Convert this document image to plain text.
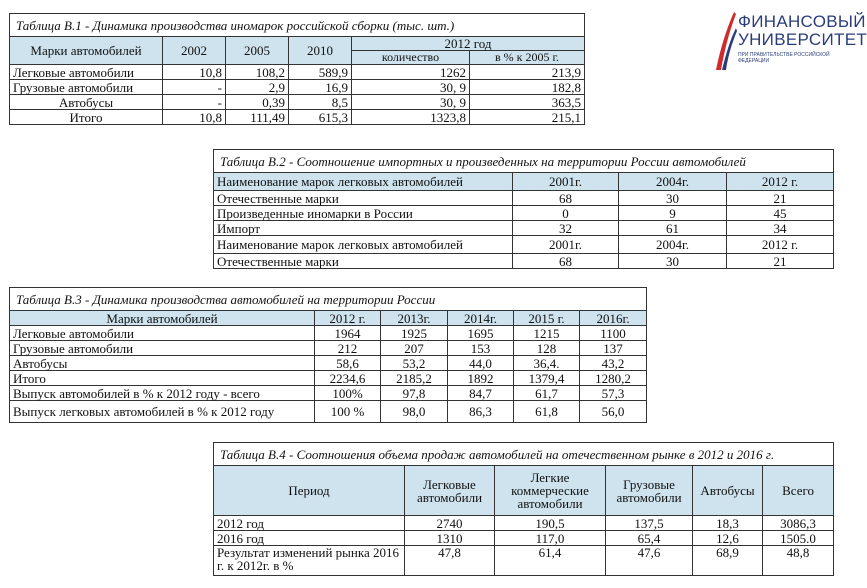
ФИНАНСОВЫЙ
УНИВЕРСИТЕТ
ПРИ ПРАВИТЕЛЬСТВЕ РОССИЙСКОЙ ФЕДЕРАЦИИ
Таблица В.1 - Динамика производства иномарок российской сборки (тыс. шт.)					
Марки автомобилей	2002	2005	2010	2012 год	
				количество	в % к 2005 г.
Легковые автомобили	10,8	108,2	589,9	1262	213,9
Грузовые автомобили	-	2,9	16,9	30, 9	182,8
Автобусы	-	0,39	8,5	30, 9	363,5
Итого	10,8	111,49	615,3	1323,8	215,1
Таблица В.2 - Соотношение импортных и произведенных на территории России автомобилей			
Наименование марок легковых автомобилей	2001г.	2004г.	2012 г.
Отечественные марки	68	30	21
Произведенные иномарки в России	0	9	45
Импорт	32	61	34
Наименование марок легковых автомобилей	2001г.	2004г.	2012 г.
Отечественные марки	68	30	21
Таблица В.3 - Динамика производства автомобилей на территории России					
Марки автомобилей	2012 г.	2013г.	2014г.	2015 г.	2016г.
Легковые автомобили	1964	1925	1695	1215	1100
Грузовые автомобили	212	207	153	128	137
Автобусы	58,6	53,2	44,0	36,4.	43,2
Итого	2234,6	2185,2	1892	1379,4	1280,2
Выпуск автомобилей в % к 2012 году - всего	100%	97,8	84,7	61,7	57,3
Выпуск легковых автомобилей в % к 2012 году	100 %	98,0	86,3	61,8	56,0
Таблица В.4 - Соотношения объема продаж автомобилей на отечественном рынке в 2012 и 2016 г.					
Период	Легковые автомобили	Легкие коммерческие автомобили	Грузовые автомобили	Автобусы	Всего
2012 год	2740	190,5	137,5	18,3	3086,3
2016 год	1310	117,0	65,4	12,6	1505.0
Результат изменений рынка 2016 г. к 2012г. в %	47,8	61,4	47,6	68,9	48,8
